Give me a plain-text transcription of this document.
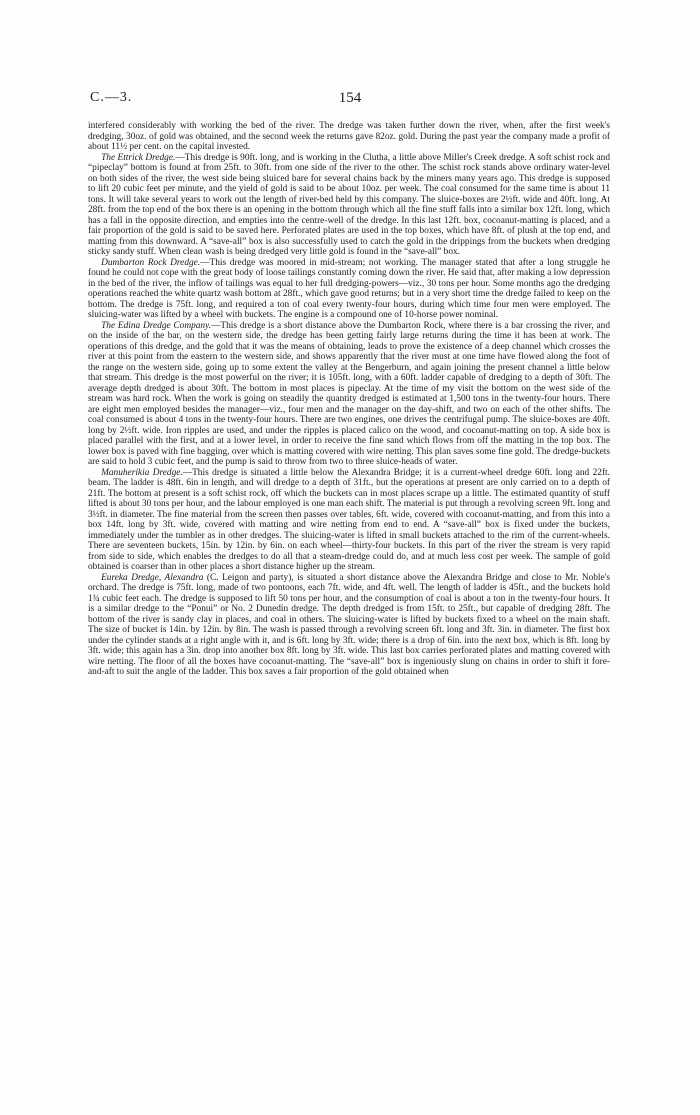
C.—3.	154

interfered considerably with working the bed of the river. The dredge was taken further down the river, when, after the first week's dredging, 30oz. of gold was obtained, and the second week the returns gave 82oz. gold. During the past year the company made a profit of about 11½ per cent. on the capital invested.

The Ettrick Dredge.—This dredge is 90ft. long, and is working in the Clutha, a little above Miller's Creek dredge. A soft schist rock and “pipeclay” bottom is found at from 25ft. to 30ft. from one side of the river to the other. The schist rock stands above ordinary water-level on both sides of the river, the west side being sluiced bare for several chains back by the miners many years ago. This dredge is supposed to lift 20 cubic feet per minute, and the yield of gold is said to be about 10oz. per week. The coal consumed for the same time is about 11 tons. It will take several years to work out the length of river-bed held by this company. The sluice-boxes are 2½ft. wide and 40ft. long. At 28ft. from the top end of the box there is an opening in the bottom through which all the fine stuff falls into a similar box 12ft. long, which has a fall in the opposite direction, and empties into the centre-well of the dredge. In this last 12ft. box, cocoanut-matting is placed, and a fair proportion of the gold is said to be saved here. Perforated plates are used in the top boxes, which have 8ft. of plush at the top end, and matting from this downward. A “save-all” box is also successfully used to catch the gold in the drippings from the buckets when dredging sticky sandy stuff. When clean wash is being dredged very little gold is found in the “save-all” box.

Dumbarton Rock Dredge.—This dredge was moored in mid-stream; not working. The manager stated that after a long struggle he found he could not cope with the great body of loose tailings constantly coming down the river. He said that, after making a low depression in the bed of the river, the inflow of tailings was equal to her full dredging-powers—viz., 30 tons per hour. Some months ago the dredging operations reached the white quartz wash bottom at 28ft., which gave good returns; but in a very short time the dredge failed to keep on the bottom. The dredge is 75ft. long, and required a ton of coal every twenty-four hours, during which time four men were employed. The sluicing-water was lifted by a wheel with buckets. The engine is a compound one of 10-horse power nominal.

The Edina Dredge Company.—This dredge is a short distance above the Dumbarton Rock, where there is a bar crossing the river, and on the inside of the bar, on the western side, the dredge has been getting fairly large returns during the time it has been at work. The operations of this dredge, and the gold that it was the means of obtaining, leads to prove the existence of a deep channel which crosses the river at this point from the eastern to the western side, and shows apparently that the river must at one time have flowed along the foot of the range on the western side, going up to some extent the valley at the Bengerburn, and again joining the present channel a little below that stream. This dredge is the most powerful on the river; it is 105ft. long, with a 60ft. ladder capable of dredging to a depth of 30ft. The average depth dredged is about 30ft. The bottom in most places is pipeclay. At the time of my visit the bottom on the west side of the stream was hard rock. When the work is going on steadily the quantity dredged is estimated at 1,500 tons in the twenty-four hours. There are eight men employed besides the manager—viz., four men and the manager on the day-shift, and two on each of the other shifts. The coal consumed is about 4 tons in the twenty-four hours. There are two engines, one drives the centrifugal pump. The sluice-boxes are 40ft. long by 2½ft. wide. Iron ripples are used, and under the ripples is placed calico on the wood, and cocoanut-matting on top. A side box is placed parallel with the first, and at a lower level, in order to receive the fine sand which flows from off the matting in the top box. The lower box is paved with fine bagging, over which is matting covered with wire netting. This plan saves some fine gold. The dredge-buckets are said to hold 3 cubic feet, and the pump is said to throw from two to three sluice-heads of water.

Manuherikia Dredge.—This dredge is situated a little below the Alexandra Bridge; it is a current-wheel dredge 60ft. long and 22ft. beam. The ladder is 48ft. 6in in length, and will dredge to a depth of 31ft., but the operations at present are only carried on to a depth of 21ft. The bottom at present is a soft schist rock, off which the buckets can in most places scrape up a little. The estimated quantity of stuff lifted is about 30 tons per hour, and the labour employed is one man each shift. The material is put through a revolving screen 9ft. long and 3½ft. in diameter. The fine material from the screen then passes over tables, 6ft. wide, covered with cocoanut-matting, and from this into a box 14ft. long by 3ft. wide, covered with matting and wire netting from end to end. A “save-all” box is fixed under the buckets, immediately under the tumbler as in other dredges. The sluicing-water is lifted in small buckets attached to the rim of the current-wheels. There are seventeen buckets, 15in. by 12in. by 6in. on each wheel—thirty-four buckets. In this part of the river the stream is very rapid from side to side, which enables the dredges to do all that a steam-dredge could do, and at much less cost per week. The sample of gold obtained is coarser than in other places a short distance higher up the stream.

Eureka Dredge, Alexandra (C. Leigon and party), is situated a short distance above the Alexandra Bridge and close to Mr. Noble's orchard. The dredge is 75ft. long, made of two pontoons, each 7ft. wide, and 4ft. well. The length of ladder is 45ft., and the buckets hold 1¾ cubic feet each. The dredge is supposed to lift 50 tons per hour, and the consumption of coal is about a ton in the twenty-four hours. It is a similar dredge to the “Ponui” or No. 2 Dunedin dredge. The depth dredged is from 15ft. to 25ft., but capable of dredging 28ft. The bottom of the river is sandy clay in places, and coal in others. The sluicing-water is lifted by buckets fixed to a wheel on the main shaft. The size of bucket is 14in. by 12in. by 8in. The wash is passed through a revolving screen 6ft. long and 3ft. 3in. in diameter. The first box under the cylinder stands at a right angle with it, and is 6ft. long by 3ft. wide; there is a drop of 6in. into the next box, which is 8ft. long by 3ft. wide; this again has a 3in. drop into another box 8ft. long by 3ft. wide. This last box carries perforated plates and matting covered with wire netting. The floor of all the boxes have cocoanut-matting. The “save-all” box is ingeniously slung on chains in order to shift it fore-and-aft to suit the angle of the ladder. This box saves a fair proportion of the gold obtained when
